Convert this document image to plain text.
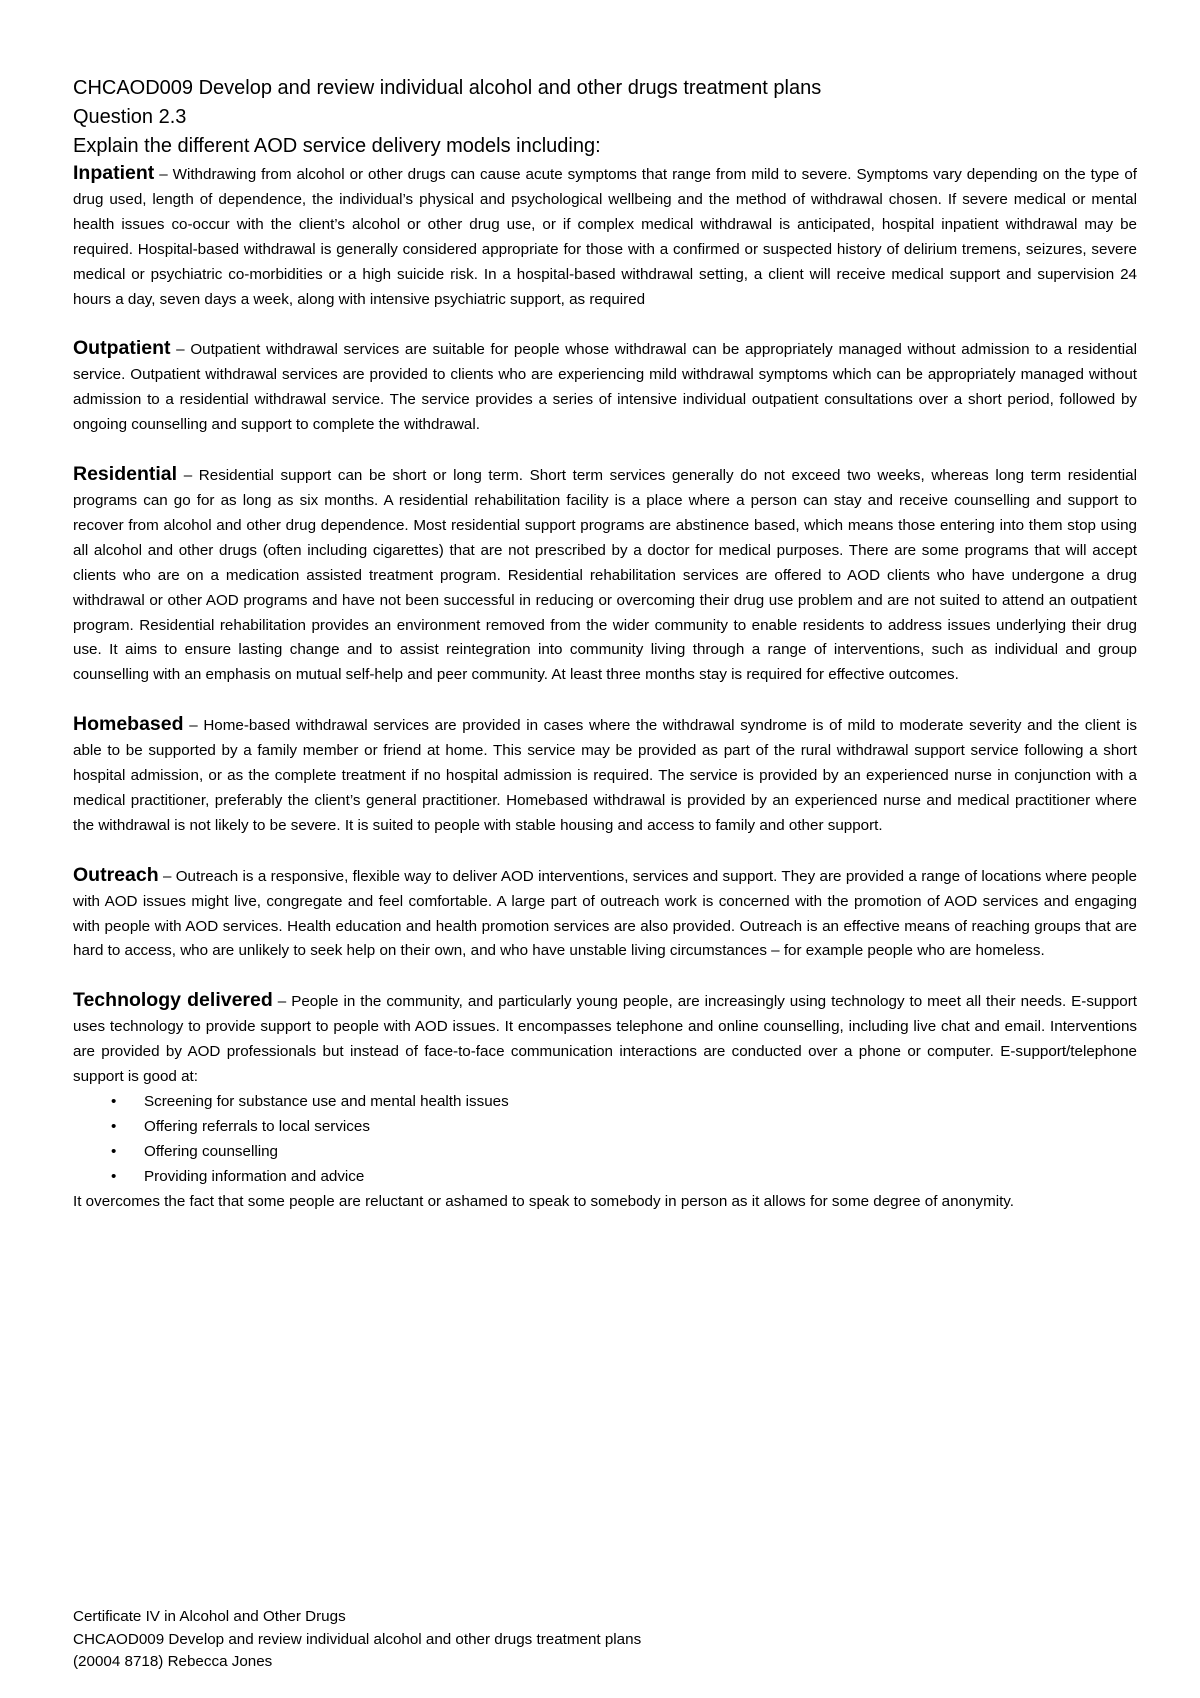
CHCAOD009 Develop and review individual alcohol and other drugs treatment plans

Question 2.3

Explain the different AOD service delivery models including:

Inpatient – Withdrawing from alcohol or other drugs can cause acute symptoms that range from mild to severe. Symptoms vary depending on the type of drug used, length of dependence, the individual’s physical and psychological wellbeing and the method of withdrawal chosen. If severe medical or mental health issues co-occur with the client’s alcohol or other drug use, or if complex medical withdrawal is anticipated, hospital inpatient withdrawal may be required. Hospital-based withdrawal is generally considered appropriate for those with a confirmed or suspected history of delirium tremens, seizures, severe medical or psychiatric co-morbidities or a high suicide risk. In a hospital-based withdrawal setting, a client will receive medical support and supervision 24 hours a day, seven days a week, along with intensive psychiatric support, as required

Outpatient – Outpatient withdrawal services are suitable for people whose withdrawal can be appropriately managed without admission to a residential service. Outpatient withdrawal services are provided to clients who are experiencing mild withdrawal symptoms which can be appropriately managed without admission to a residential withdrawal service. The service provides a series of intensive individual outpatient consultations over a short period, followed by ongoing counselling and support to complete the withdrawal.

Residential – Residential support can be short or long term. Short term services generally do not exceed two weeks, whereas long term residential programs can go for as long as six months. A residential rehabilitation facility is a place where a person can stay and receive counselling and support to recover from alcohol and other drug dependence. Most residential support programs are abstinence based, which means those entering into them stop using all alcohol and other drugs (often including cigarettes) that are not prescribed by a doctor for medical purposes. There are some programs that will accept clients who are on a medication assisted treatment program. Residential rehabilitation services are offered to AOD clients who have undergone a drug withdrawal or other AOD programs and have not been successful in reducing or overcoming their drug use problem and are not suited to attend an outpatient program. Residential rehabilitation provides an environment removed from the wider community to enable residents to address issues underlying their drug use. It aims to ensure lasting change and to assist reintegration into community living through a range of interventions, such as individual and group counselling with an emphasis on mutual self-help and peer community. At least three months stay is required for effective outcomes.

Homebased – Home-based withdrawal services are provided in cases where the withdrawal syndrome is of mild to moderate severity and the client is able to be supported by a family member or friend at home. This service may be provided as part of the rural withdrawal support service following a short hospital admission, or as the complete treatment if no hospital admission is required. The service is provided by an experienced nurse in conjunction with a medical practitioner, preferably the client’s general practitioner. Homebased withdrawal is provided by an experienced nurse and medical practitioner where the withdrawal is not likely to be severe. It is suited to people with stable housing and access to family and other support.

Outreach – Outreach is a responsive, flexible way to deliver AOD interventions, services and support. They are provided a range of locations where people with AOD issues might live, congregate and feel comfortable. A large part of outreach work is concerned with the promotion of AOD services and engaging with people with AOD services. Health education and health promotion services are also provided. Outreach is an effective means of reaching groups that are hard to access, who are unlikely to seek help on their own, and who have unstable living circumstances – for example people who are homeless.

Technology delivered – People in the community, and particularly young people, are increasingly using technology to meet all their needs. E-support uses technology to provide support to people with AOD issues. It encompasses telephone and online counselling, including live chat and email. Interventions are provided by AOD professionals but instead of face-to-face communication interactions are conducted over a phone or computer. E-support/telephone support is good at:

• Screening for substance use and mental health issues
• Offering referrals to local services
• Offering counselling
• Providing information and advice

It overcomes the fact that some people are reluctant or ashamed to speak to somebody in person as it allows for some degree of anonymity.

Certificate IV in Alcohol and Other Drugs
CHCAOD009 Develop and review individual alcohol and other drugs treatment plans
(20004 8718) Rebecca Jones
